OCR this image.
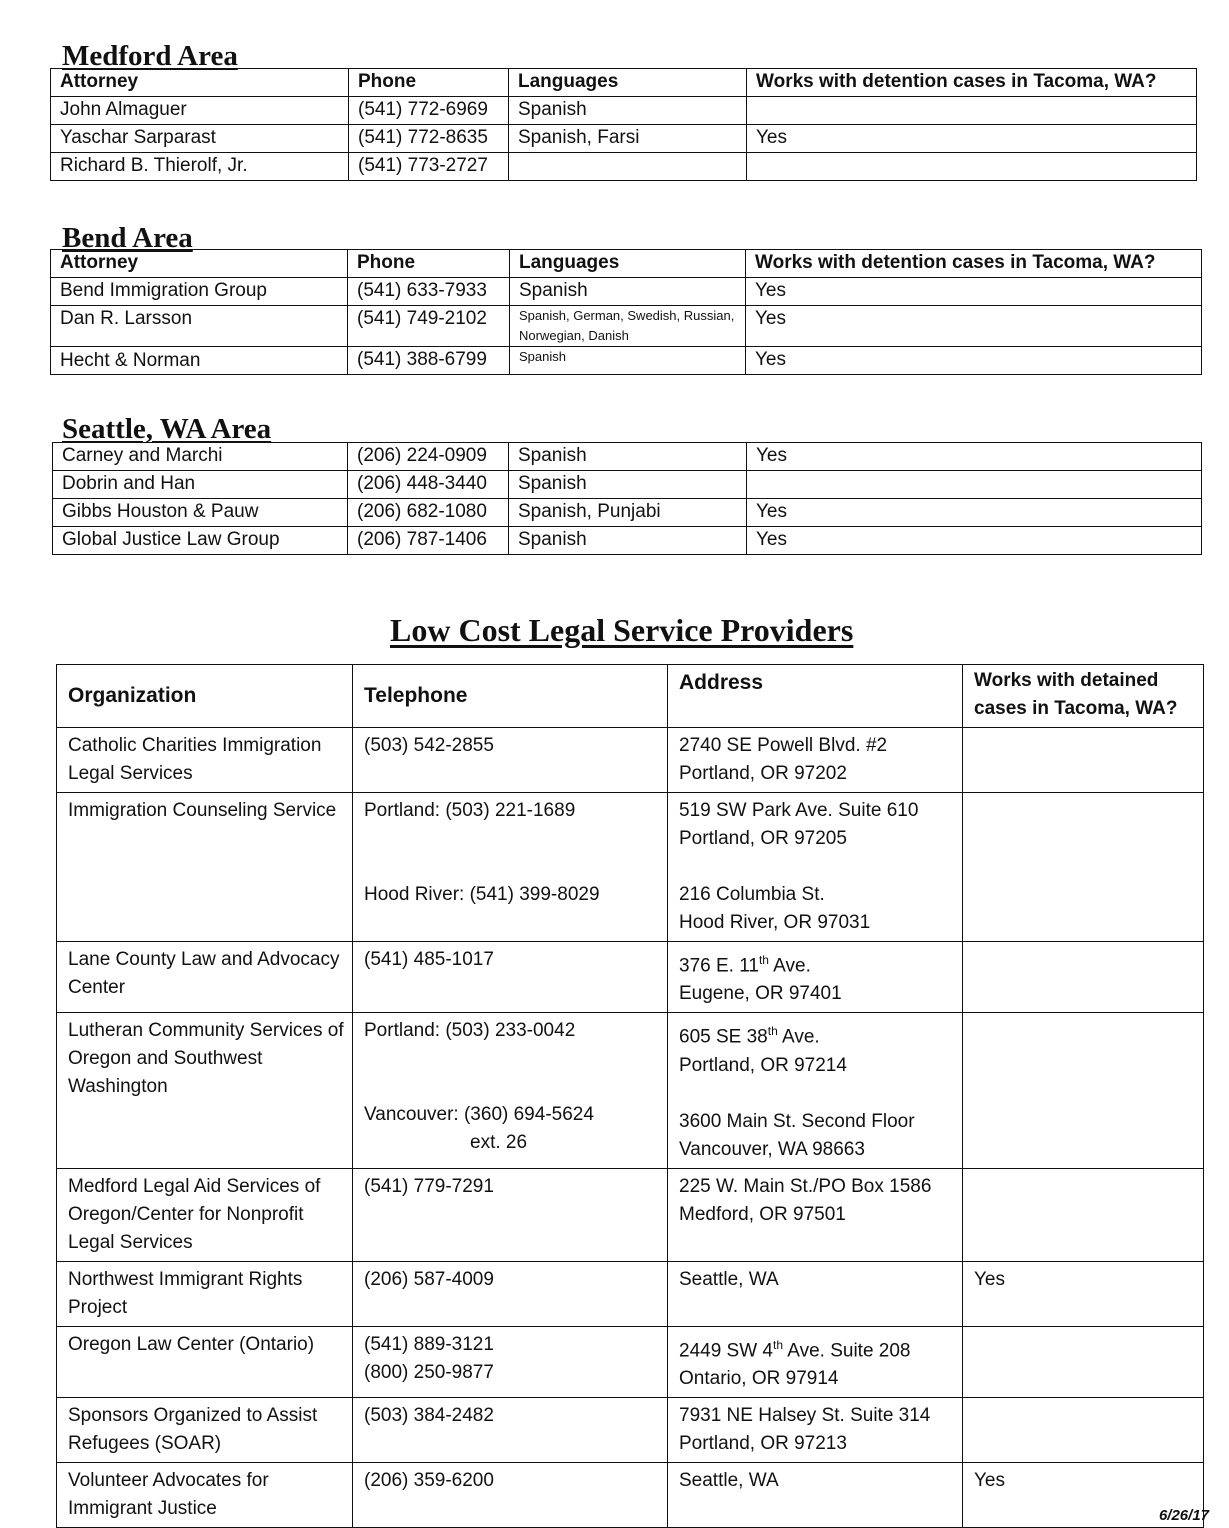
Medford Area
Attorney	Phone	Languages	Works with detention cases in Tacoma, WA?
John Almaguer	(541) 772-6969	Spanish	
Yaschar Sarparast	(541) 772-8635	Spanish, Farsi	Yes
Richard B. Thierolf, Jr.	(541) 773-2727		
Bend Area
Attorney	Phone	Languages	Works with detention cases in Tacoma, WA?
Bend Immigration Group	(541) 633-7933	Spanish	Yes
Dan R. Larsson	(541) 749-2102	Spanish, German, Swedish, Russian, Norwegian, Danish	Yes
Hecht & Norman	(541) 388-6799	Spanish	Yes
Seattle, WA Area
Carney and Marchi	(206) 224-0909	Spanish	Yes
Dobrin and Han	(206) 448-3440	Spanish	
Gibbs Houston & Pauw	(206) 682-1080	Spanish, Punjabi	Yes
Global Justice Law Group	(206) 787-1406	Spanish	Yes
Low Cost Legal Service Providers
Organization	Telephone	Address	Works with detained
cases in Tacoma, WA?

Catholic Charities Immigration Legal Services	(503) 542-2855	2740 SE Powell Blvd. #2
Portland, OR 97202	

Immigration Counseling Service	Portland: (503) 221-1689
Hood River: (541) 399-8029	519 SW Park Ave. Suite 610
Portland, OR 97205
216 Columbia St.
Hood River, OR 97031	

Lane County Law and Advocacy Center	(541) 485-1017	376 E. 11th Ave.
Eugene, OR 97401	

Lutheran Community Services of Oregon and Southwest Washington	Portland: (503) 233-0042
Vancouver: (360) 694-5624
ext. 26	605 SE 38th Ave.
Portland, OR 97214
3600 Main St. Second Floor
Vancouver, WA 98663	

Medford Legal Aid Services of Oregon/Center for Nonprofit Legal Services	(541) 779-7291	225 W. Main St./PO Box 1586
Medford, OR 97501	

Northwest Immigrant Rights Project	(206) 587-4009	Seattle, WA	Yes
Oregon Law Center (Ontario)	(541) 889-3121
(800) 250-9877	2449 SW 4th Ave. Suite 208
Ontario, OR 97914	

Sponsors Organized to Assist Refugees (SOAR)	(503) 384-2482	7931 NE Halsey St. Suite 314
Portland, OR 97213	

Volunteer Advocates for Immigrant Justice	(206) 359-6200	Seattle, WA	Yes
6/26/17
